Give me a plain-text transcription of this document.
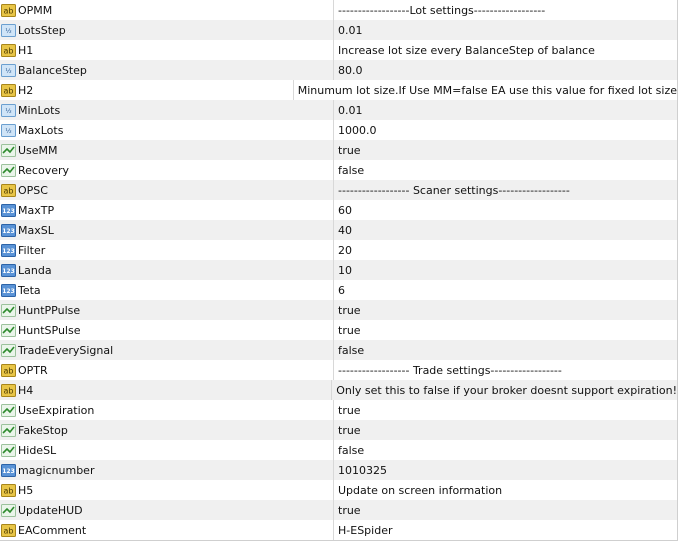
ab OPMM	------------------Lot settings------------------
½ LotsStep	0.01
ab H1	Increase lot size every BalanceStep of balance
½ BalanceStep	80.0
ab H2	Minumum lot size.If Use MM=false EA use this value for fixed lot size
½ MinLots	0.01
½ MaxLots	1000.0
UseMM	true
Recovery	false
ab OPSC	------------------ Scaner settings------------------
123 MaxTP	60
123 MaxSL	40
123 Filter	20
123 Landa	10
123 Teta	6
HuntPPulse	true
HuntSPulse	true
TradeEverySignal	false
ab OPTR	------------------ Trade settings------------------
ab H4	Only set this to false if your broker doesnt support expiration!
UseExpiration	true
FakeStop	true
HideSL	false
123 magicnumber	1010325
ab H5	Update on screen information
UpdateHUD	true
ab EAComment	H-ESpider
